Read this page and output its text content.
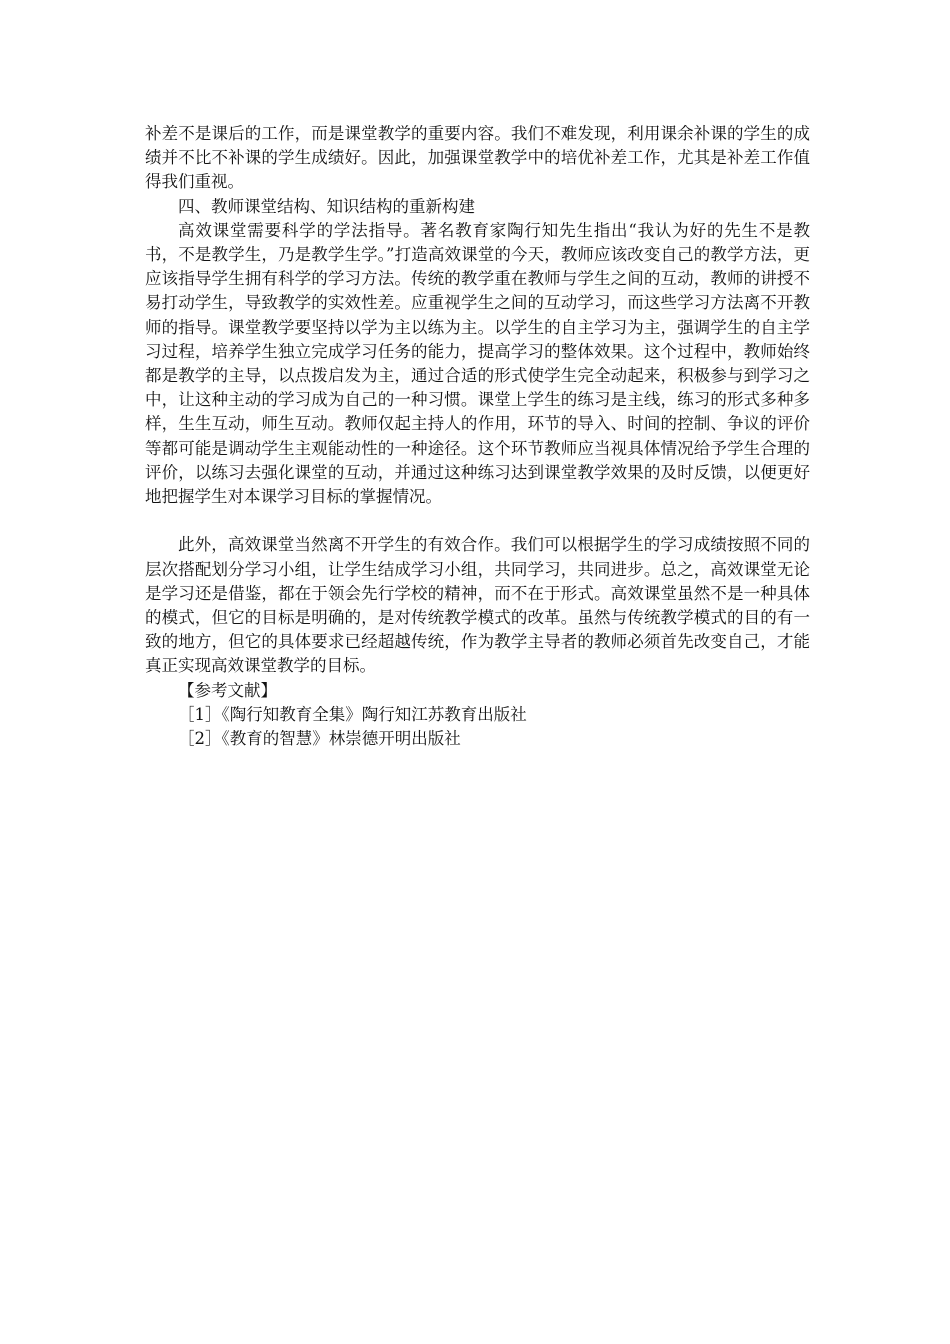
补差不是课后的工作，而是课堂教学的重要内容。我们不难发现，利用课余补课的学生的成绩并不比不补课的学生成绩好。因此，加强课堂教学中的培优补差工作，尤其是补差工作值得我们重视。

四、教师课堂结构、知识结构的重新构建

高效课堂需要科学的学法指导。著名教育家陶行知先生指出“我认为好的先生不是教书，不是教学生，乃是教学生学。”打造高效课堂的今天，教师应该改变自己的教学方法，更应该指导学生拥有科学的学习方法。传统的教学重在教师与学生之间的互动，教师的讲授不易打动学生，导致教学的实效性差。应重视学生之间的互动学习，而这些学习方法离不开教师的指导。课堂教学要坚持以学为主以练为主。以学生的自主学习为主，强调学生的自主学习过程，培养学生独立完成学习任务的能力，提高学习的整体效果。这个过程中，教师始终都是教学的主导，以点拨启发为主，通过合适的形式使学生完全动起来，积极参与到学习之中，让这种主动的学习成为自己的一种习惯。课堂上学生的练习是主线，练习的形式多种多样，生生互动，师生互动。教师仅起主持人的作用，环节的导入、时间的控制、争议的评价等都可能是调动学生主观能动性的一种途径。这个环节教师应当视具体情况给予学生合理的评价，以练习去强化课堂的互动，并通过这种练习达到课堂教学效果的及时反馈，以便更好地把握学生对本课学习目标的掌握情况。

此外，高效课堂当然离不开学生的有效合作。我们可以根据学生的学习成绩按照不同的层次搭配划分学习小组，让学生结成学习小组，共同学习，共同进步。总之，高效课堂无论是学习还是借鉴，都在于领会先行学校的精神，而不在于形式。高效课堂虽然不是一种具体的模式，但它的目标是明确的，是对传统教学模式的改革。虽然与传统教学模式的目的有一致的地方，但它的具体要求已经超越传统，作为教学主导者的教师必须首先改变自己，才能真正实现高效课堂教学的目标。

【参考文献】

［1］《陶行知教育全集》陶行知江苏教育出版社

［2］《教育的智慧》林崇德开明出版社
